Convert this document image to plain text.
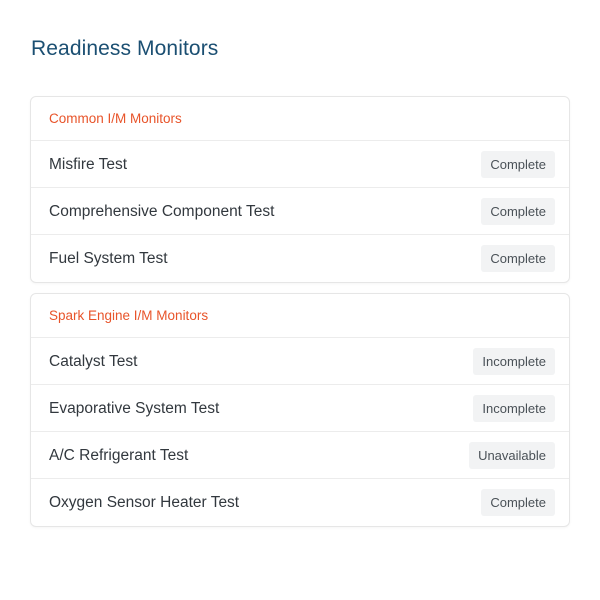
Readiness Monitors
Common I/M Monitors
Misfire Test	Complete
Comprehensive Component Test	Complete
Fuel System Test	Complete
Spark Engine I/M Monitors
Catalyst Test	Incomplete
Evaporative System Test	Incomplete
A/C Refrigerant Test	Unavailable
Oxygen Sensor Heater Test	Complete
